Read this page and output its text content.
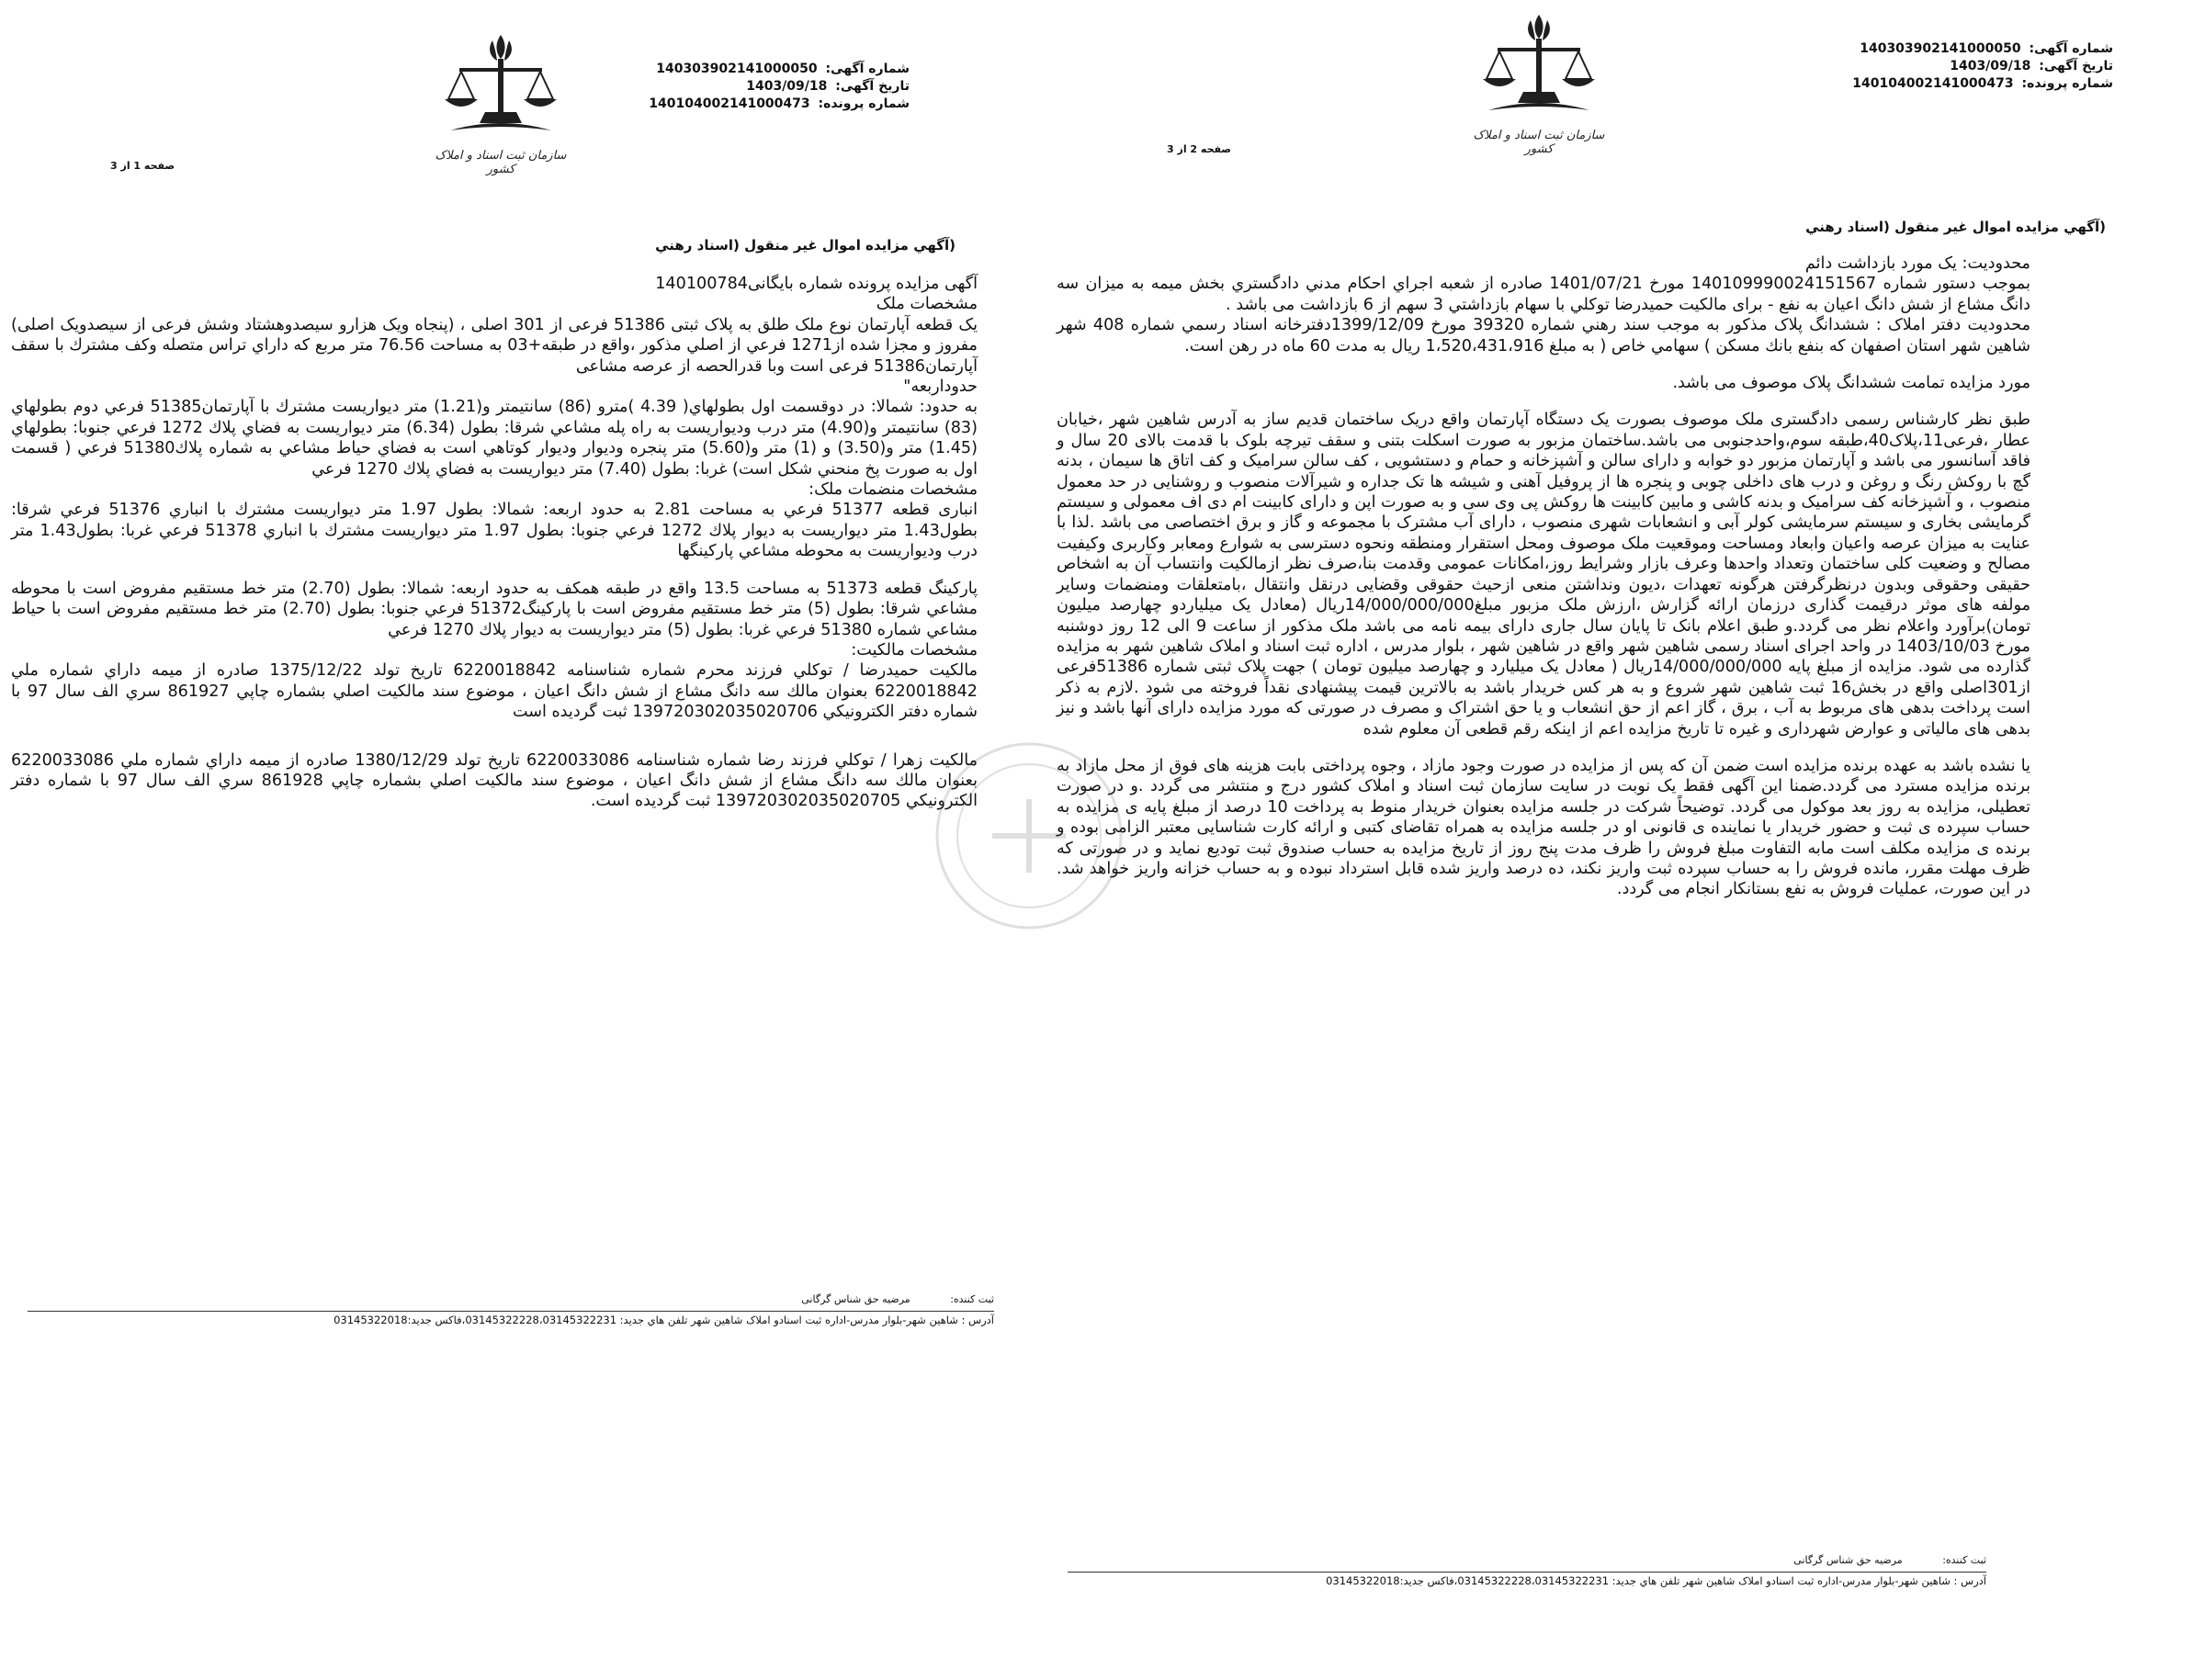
سازمان ثبت اسناد و املاک کشور
شماره آگهی: 140303902141000050
تاریخ آگهی: 1403/09/18
شماره پرونده: 140104002141000473
صفحه 1 از 3
(آگهي مزايده اموال غير منقول (اسناد رهني

آگهی مزایده پرونده شماره بایگانی140100784

مشخصات ملک

یک قطعه آپارتمان نوع ملک طلق به پلاک ثبتی 51386 فرعی از 301 اصلی ، (پنجاه ویک هزارو سیصدوهشتاد وشش فرعی از سیصدویک اصلی) مفروز و مجزا شده از1271 فرعي از اصلي مذکور ،واقع در طبقه+03 به مساحت 76.56 متر مربع که داراي تراس متصله وکف مشترك با سقف آپارتمان51386 فرعی است وبا قدرالحصه از عرصه مشاعی

حدوداربعه"

به حدود: شمالا: در دوقسمت اول بطولهاي( 4.39 )مترو (86) سانتيمتر و(1.21) متر ديواريست مشترك با آپارتمان51385 فرعي دوم بطولهاي (83) سانتيمتر و(4.90) متر درب وديواريست به راه پله مشاعي شرقا: بطول (6.34) متر ديواريست به فضاي پلاك 1272 فرعي جنوبا: بطولهاي (1.45) متر و(3.50) و (1) متر و(5.60) متر پنجره وديوار وديوار كوتاهي است به فضاي حياط مشاعي به شماره پلاك51380 فرعي ( قسمت اول به صورت پخ منحني شكل است) غربا: بطول (7.40) متر ديواريست به فضاي پلاك 1270 فرعي

مشخصات منضمات ملک:

انبارى قطعه 51377 فرعي به مساحت 2.81 به حدود اربعه: شمالا: بطول 1.97 متر ديواريست مشترك با انباري 51376 فرعي شرقا: بطول1.43 متر ديواريست به ديوار پلاك 1272 فرعي جنوبا: بطول 1.97 متر ديواريست مشترك با انباري 51378 فرعي غربا: بطول1.43 متر درب وديواريست به محوطه مشاعي پاركينگها

پاركينگ قطعه 51373 به مساحت 13.5 واقع در طبقه همكف به حدود اربعه: شمالا: بطول (2.70) متر خط مستقيم مفروض است با محوطه مشاعي شرقا: بطول (5) متر خط مستقيم مفروض است با پاركينگ51372 فرعي جنوبا: بطول (2.70) متر خط مستقيم مفروض است با حياط مشاعي شماره 51380 فرعي غربا: بطول (5) متر ديواريست به ديوار پلاك 1270 فرعي

مشخصات مالکیت:

مالكيت حميدرضا / توكلي فرزند محرم شماره شناسنامه 6220018842 تاريخ تولد 1375/12/22 صادره از ميمه داراي شماره ملي 6220018842 بعنوان مالك سه دانگ مشاع از شش دانگ اعيان ، موضوع سند مالكيت اصلي بشماره چاپي 861927 سري الف سال 97 با شماره دفتر الكترونيكي 139720302035020706 ثبت گرديده است

مالكيت زهرا / توكلي فرزند رضا شماره شناسنامه 6220033086 تاريخ تولد 1380/12/29 صادره از ميمه داراي شماره ملي 6220033086 بعنوان مالك سه دانگ مشاع از شش دانگ اعيان ، موضوع سند مالكيت اصلي بشماره چاپي 861928 سري الف سال 97 با شماره دفتر الكترونيكي 139720302035020705 ثبت گرديده است.

ثبت کننده: مرضيه حق شناس گرگانی
آدرس : شاهين شهر-بلوار مدرس-اداره ثبت اسنادو املاک شاهين شهر تلفن هاي جديد: 03145322228،03145322231،فاكس جديد:03145322018
سازمان ثبت اسناد و املاک کشور
شماره آگهی: 140303902141000050
تاریخ آگهی: 1403/09/18
شماره پرونده: 140104002141000473
صفحه 2 از 3
(آگهي مزايده اموال غير منقول (اسناد رهني

محدوديت: يک مورد بازداشت دائم

بموجب دستور شماره 140109990024151567 مورخ 1401/07/21 صادره از شعبه اجراي احكام مدني دادگستري بخش ميمه به ميزان سه دانگ مشاع از شش دانگ اعيان به نفع - براى مالكيت حميدرضا توكلي با سهام بازداشتي 3 سهم از 6 بازداشت مى باشد .

محدوديت دفتر املاک : ششدانگ پلاک مذکور به موجب سند رهني شماره 39320 مورخ 1399/12/09دفترخانه اسناد رسمي شماره 408 شهر شاهين شهر استان اصفهان كه بنفع بانك مسكن ) سهامي خاص ( به مبلغ 1،520،431،916 ريال به مدت 60 ماه در رهن است.

مورد مزایده تمامت ششدانگ پلاک موصوف می باشد.

طبق نظر کارشناس رسمی دادگستری ملک موصوف بصورت یک دستگاه آپارتمان واقع دریک ساختمان قدیم ساز به آدرس شاهین شهر ،خیابان عطار ،فرعی11،پلاک40،طبقه سوم،واحدجنوبی می باشد.ساختمان مزبور به صورت اسکلت بتنی و سقف تیرچه بلوک با قدمت بالای 20 سال و فاقد آسانسور می باشد و آپارتمان مزبور دو خوابه و دارای سالن و آشپزخانه و حمام و دستشویی ، کف سالن سرامیک و کف اتاق ها سیمان ، بدنه گچ با روکش رنگ و روغن و درب های داخلی چوبی و پنجره ها از پروفیل آهنی و شیشه ها تک جداره و شیرآلات منصوب و روشنایی در حد معمول منصوب ، و آشپزخانه کف سرامیک و بدنه کاشی و مابین کابینت ها روکش پی وی سی و به صورت اپن و دارای کابینت ام دی اف معمولی و سیستم گرمایشی بخاری و سیستم سرمایشی کولر آبی و انشعابات شهری منصوب ، دارای آب مشترک با مجموعه و گاز و برق اختصاصی می باشد .لذا با عنایت به میزان عرصه واعیان وابعاد ومساحت وموقعیت ملک موصوف ومحل استقرار ومنطقه ونحوه دسترسی به شوارع ومعابر وکاربری وکیفیت مصالح و وضعیت کلی ساختمان وتعداد واحدها وعرف بازار وشرایط روز،امکانات عمومی وقدمت بنا،صرف نظر ازمالکیت وانتساب آن به اشخاص حقیقی وحقوقی وبدون درنظرگرفتن هرگونه تعهدات ،دیون ونداشتن منعی ازحیث حقوقی وقضایی درنقل وانتقال ،بامتعلقات ومنضمات وسایر مولفه های موثر درقیمت گذاری درزمان ارائه گزارش ،ارزش ملک مزبور مبلغ14/000/000/000ریال (معادل یک میلیاردو چهارصد میلیون تومان)برآورد واعلام نظر می گردد.و طبق اعلام بانک تا پایان سال جاری دارای بیمه نامه می باشد ملک مذکور از ساعت 9 الی 12 روز دوشنبه مورخ 1403/10/03 در واحد اجرای اسناد رسمی شاهین شهر واقع در شاهین شهر ، بلوار مدرس ، اداره ثبت اسناد و املاک شاهین شهر به مزایده گذارده می شود. مزایده از مبلغ پایه 14/000/000/000ریال ( معادل یک میلیارد و چهارصد میلیون تومان ) جهت پلاک ثبتی شماره 51386فرعی از301اصلی واقع در بخش16 ثبت شاهین شهر شروع و به هر کس خریدار باشد به بالاترین قیمت پیشنهادی نقداً فروخته می شود .لازم به ذکر است پرداخت بدهی های مربوط به آب ، برق ، گاز اعم از حق انشعاب و یا حق اشتراک و مصرف در صورتی که مورد مزایده دارای آنها باشد و نیز بدهی های مالیاتی و عوارض شهرداری و غیره تا تاریخ مزایده اعم از اینکه رقم قطعی آن معلوم شده

یا نشده باشد به عهده برنده مزایده است ضمن آن که پس از مزایده در صورت وجود مازاد ، وجوه پرداختی بابت هزینه های فوق از محل مازاد به برنده مزایده مسترد می گردد.ضمنا این آگهی فقط یک نوبت در سایت سازمان ثبت اسناد و املاک کشور درج و منتشر می گردد .و در صورت تعطیلی، مزایده به روز بعد موکول می گردد. توضیحاً شرکت در جلسه مزایده بعنوان خریدار منوط به پرداخت 10 درصد از مبلغ پایه ی مزایده به حساب سپرده ی ثبت و حضور خریدار یا نماینده ی قانونی او در جلسه مزایده به همراه تقاضای کتبی و ارائه کارت شناسایی معتبر الزامی بوده و برنده ی مزایده مکلف است مابه التفاوت مبلغ فروش را ظرف مدت پنج روز از تاریخ مزایده به حساب صندوق ثبت تودیع نماید و در صورتی که ظرف مهلت مقرر، مانده فروش را به حساب سپرده ثبت واریز نکند، ده درصد واریز شده قابل استرداد نبوده و به حساب خزانه واریز خواهد شد. در این صورت، عملیات فروش به نفع بستانکار انجام می گردد.

ثبت کننده: مرضيه حق شناس گرگانی
آدرس : شاهين شهر-بلوار مدرس-اداره ثبت اسنادو املاک شاهين شهر تلفن هاي جديد: 03145322228،03145322231،فاكس جديد:03145322018
